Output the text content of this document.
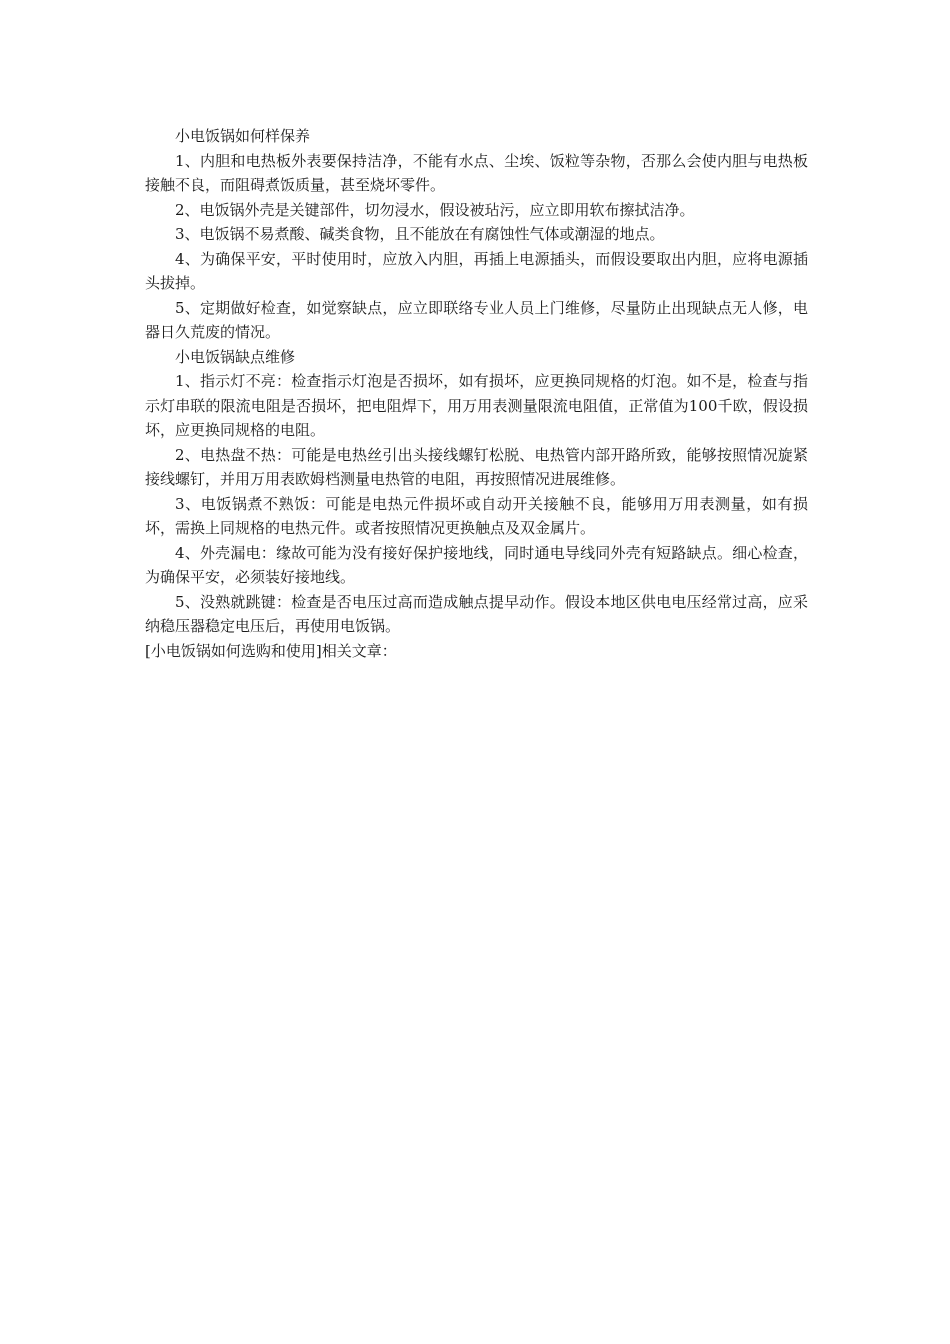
小电饭锅如何样保养

1、内胆和电热板外表要保持洁净，不能有水点、尘埃、饭粒等杂物，否那么会使内胆与电热板接触不良，而阻碍煮饭质量，甚至烧坏零件。

2、电饭锅外壳是关键部件，切勿浸水，假设被玷污，应立即用软布擦拭洁净。

3、电饭锅不易煮酸、碱类食物，且不能放在有腐蚀性气体或潮湿的地点。

4、为确保平安，平时使用时，应放入内胆，再插上电源插头，而假设要取出内胆，应将电源插头拔掉。

5、定期做好检查，如觉察缺点，应立即联络专业人员上门维修，尽量防止出现缺点无人修，电器日久荒废的情况。

小电饭锅缺点维修

1、指示灯不亮：检查指示灯泡是否损坏，如有损坏，应更换同规格的灯泡。如不是，检查与指示灯串联的限流电阻是否损坏，把电阻焊下，用万用表测量限流电阻值，正常值为100千欧，假设损坏，应更换同规格的电阻。

2、电热盘不热：可能是电热丝引出头接线螺钉松脱、电热管内部开路所致，能够按照情况旋紧接线螺钉，并用万用表欧姆档测量电热管的电阻，再按照情况进展维修。

3、电饭锅煮不熟饭：可能是电热元件损坏或自动开关接触不良，能够用万用表测量，如有损坏，需换上同规格的电热元件。或者按照情况更换触点及双金属片。

4、外壳漏电：缘故可能为没有接好保护接地线，同时通电导线同外壳有短路缺点。细心检查，为确保平安，必须装好接地线。

5、没熟就跳键：检查是否电压过高而造成触点提早动作。假设本地区供电电压经常过高，应采纳稳压器稳定电压后，再使用电饭锅。

[小电饭锅如何选购和使用]相关文章：
